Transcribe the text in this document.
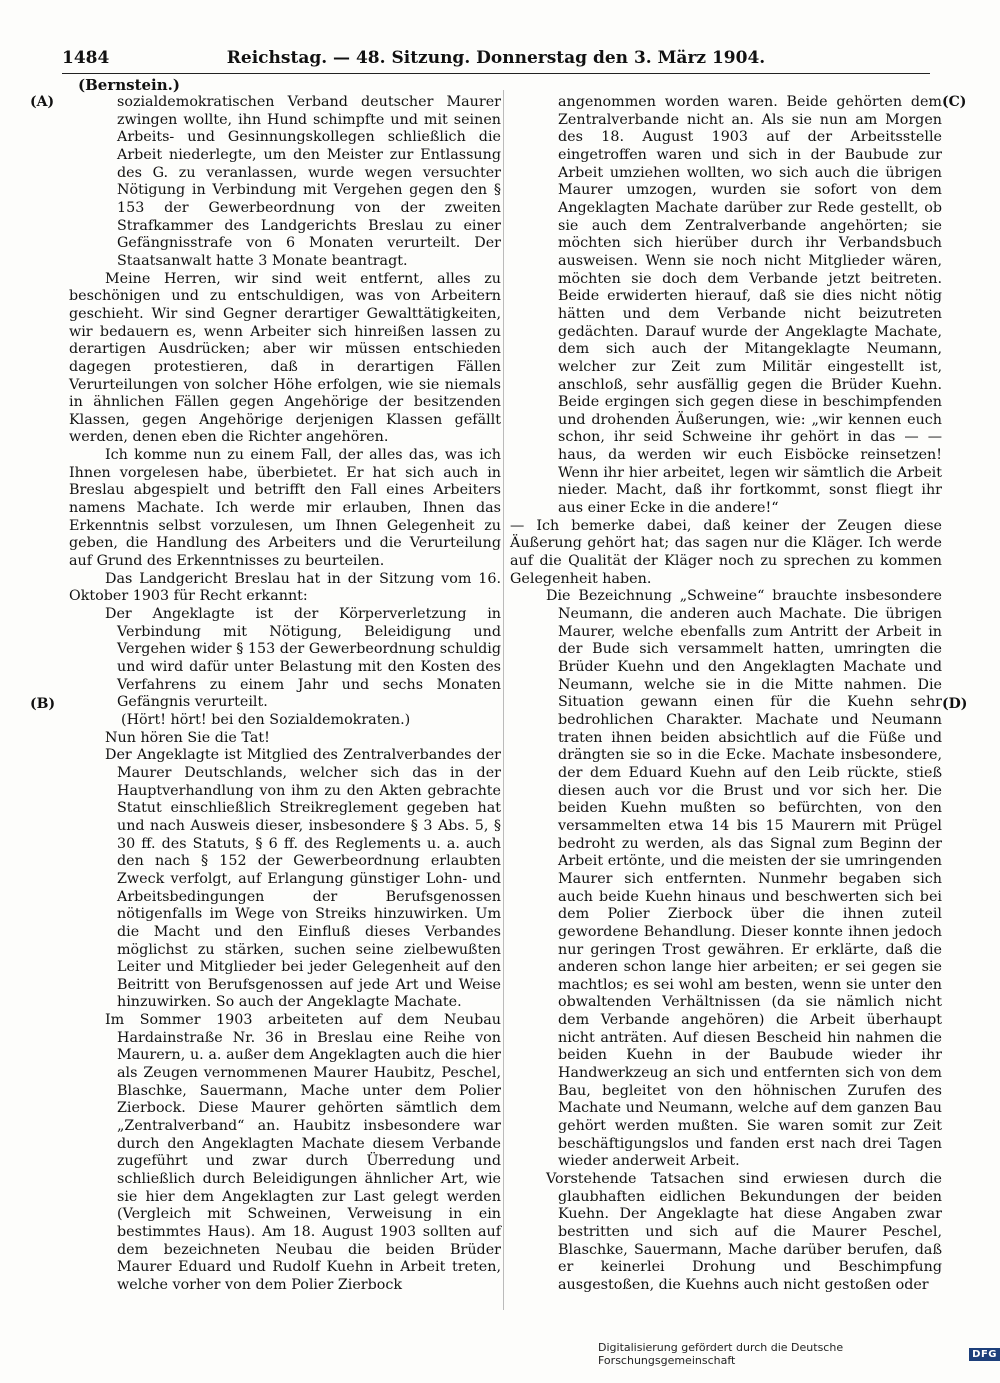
1484	Reichstag. — 48. Sitzung. Donnerstag den 3. März 1904.
(Bernstein.)
(A)
(B)
(C)
(D)

sozialdemokratischen Verband deutscher Maurer zwingen wollte, ihn Hund schimpfte und mit seinen Arbeits- und Gesinnungskollegen schließlich die Arbeit niederlegte, um den Meister zur Entlassung des G. zu veranlassen, wurde wegen versuchter Nötigung in Verbindung mit Vergehen gegen den § 153 der Gewerbeordnung von der zweiten Strafkammer des Landgerichts Breslau zu einer Gefängnisstrafe von 6 Monaten verurteilt. Der Staatsanwalt hatte 3 Monate beantragt.

Meine Herren, wir sind weit entfernt, alles zu beschönigen und zu entschuldigen, was von Arbeitern geschieht. Wir sind Gegner derartiger Gewalttätigkeiten, wir bedauern es, wenn Arbeiter sich hinreißen lassen zu derartigen Ausdrücken; aber wir müssen entschieden dagegen protestieren, daß in derartigen Fällen Verurteilungen von solcher Höhe erfolgen, wie sie niemals in ähnlichen Fällen gegen Angehörige der besitzenden Klassen, gegen Angehörige derjenigen Klassen gefällt werden, denen eben die Richter angehören.

Ich komme nun zu einem Fall, der alles das, was ich Ihnen vorgelesen habe, überbietet. Er hat sich auch in Breslau abgespielt und betrifft den Fall eines Arbeiters namens Machate. Ich werde mir erlauben, Ihnen das Erkenntnis selbst vorzulesen, um Ihnen Gelegenheit zu geben, die Handlung des Arbeiters und die Verurteilung auf Grund des Erkenntnisses zu beurteilen.

Das Landgericht Breslau hat in der Sitzung vom 16. Oktober 1903 für Recht erkannt:

Der Angeklagte ist der Körperverletzung in Verbindung mit Nötigung, Beleidigung und Vergehen wider § 153 der Gewerbeordnung schuldig und wird dafür unter Belastung mit den Kosten des Verfahrens zu einem Jahr und sechs Monaten Gefängnis verurteilt.

(Hört! hört! bei den Sozialdemokraten.)

Nun hören Sie die Tat!

Der Angeklagte ist Mitglied des Zentralverbandes der Maurer Deutschlands, welcher sich das in der Hauptverhandlung von ihm zu den Akten gebrachte Statut einschließlich Streikreglement gegeben hat und nach Ausweis dieser, insbesondere § 3 Abs. 5, § 30 ff. des Statuts, § 6 ff. des Reglements u. a. auch den nach § 152 der Gewerbeordnung erlaubten Zweck verfolgt, auf Erlangung günstiger Lohn- und Arbeitsbedingungen der Berufsgenossen nötigenfalls im Wege von Streiks hinzuwirken. Um die Macht und den Einfluß dieses Verbandes möglichst zu stärken, suchen seine zielbewußten Leiter und Mitglieder bei jeder Gelegenheit auf den Beitritt von Berufsgenossen auf jede Art und Weise hinzuwirken. So auch der Angeklagte Machate.

Im Sommer 1903 arbeiteten auf dem Neubau Hardainstraße Nr. 36 in Breslau eine Reihe von Maurern, u. a. außer dem Angeklagten auch die hier als Zeugen vernommenen Maurer Haubitz, Peschel, Blaschke, Sauermann, Mache unter dem Polier Zierbock. Diese Maurer gehörten sämtlich dem „Zentralverband“ an. Haubitz insbesondere war durch den Angeklagten Machate diesem Verbande zugeführt und zwar durch Überredung und schließlich durch Beleidigungen ähnlicher Art, wie sie hier dem Angeklagten zur Last gelegt werden (Vergleich mit Schweinen, Verweisung in ein bestimmtes Haus). Am 18. August 1903 sollten auf dem bezeichneten Neubau die beiden Brüder Maurer Eduard und Rudolf Kuehn in Arbeit treten, welche vorher von dem Polier Zierbock

angenommen worden waren. Beide gehörten dem Zentralverbande nicht an. Als sie nun am Morgen des 18. August 1903 auf der Arbeitsstelle eingetroffen waren und sich in der Baubude zur Arbeit umziehen wollten, wo sich auch die übrigen Maurer umzogen, wurden sie sofort von dem Angeklagten Machate darüber zur Rede gestellt, ob sie auch dem Zentralverbande angehörten; sie möchten sich hierüber durch ihr Verbandsbuch ausweisen. Wenn sie noch nicht Mitglieder wären, möchten sie doch dem Verbande jetzt beitreten. Beide erwiderten hierauf, daß sie dies nicht nötig hätten und dem Verbande nicht beizutreten gedächten. Darauf wurde der Angeklagte Machate, dem sich auch der Mitangeklagte Neumann, welcher zur Zeit zum Militär eingestellt ist, anschloß, sehr ausfällig gegen die Brüder Kuehn. Beide ergingen sich gegen diese in beschimpfenden und drohenden Äußerungen, wie: „wir kennen euch schon, ihr seid Schweine ihr gehört in das — — haus, da werden wir euch Eisböcke reinsetzen! Wenn ihr hier arbeitet, legen wir sämtlich die Arbeit nieder. Macht, daß ihr fortkommt, sonst fliegt ihr aus einer Ecke in die andere!“

— Ich bemerke dabei, daß keiner der Zeugen diese Äußerung gehört hat; das sagen nur die Kläger. Ich werde auf die Qualität der Kläger noch zu sprechen zu kommen Gelegenheit haben.

Die Bezeichnung „Schweine“ brauchte insbesondere Neumann, die anderen auch Machate. Die übrigen Maurer, welche ebenfalls zum Antritt der Arbeit in der Bude sich versammelt hatten, umringten die Brüder Kuehn und den Angeklagten Machate und Neumann, welche sie in die Mitte nahmen. Die Situation gewann einen für die Kuehn sehr bedrohlichen Charakter. Machate und Neumann traten ihnen beiden absichtlich auf die Füße und drängten sie so in die Ecke. Machate insbesondere, der dem Eduard Kuehn auf den Leib rückte, stieß diesen auch vor die Brust und vor sich her. Die beiden Kuehn mußten so befürchten, von den versammelten etwa 14 bis 15 Maurern mit Prügel bedroht zu werden, als das Signal zum Beginn der Arbeit ertönte, und die meisten der sie umringenden Maurer sich entfernten. Nunmehr begaben sich auch beide Kuehn hinaus und beschwerten sich bei dem Polier Zierbock über die ihnen zuteil gewordene Behandlung. Dieser konnte ihnen jedoch nur geringen Trost gewähren. Er erklärte, daß die anderen schon lange hier arbeiten; er sei gegen sie machtlos; es sei wohl am besten, wenn sie unter den obwaltenden Verhältnissen (da sie nämlich nicht dem Verbande angehören) die Arbeit überhaupt nicht anträten. Auf diesen Bescheid hin nahmen die beiden Kuehn in der Baubude wieder ihr Handwerkzeug an sich und entfernten sich von dem Bau, begleitet von den höhnischen Zurufen des Machate und Neumann, welche auf dem ganzen Bau gehört werden mußten. Sie waren somit zur Zeit beschäftigungslos und fanden erst nach drei Tagen wieder anderweit Arbeit.

Vorstehende Tatsachen sind erwiesen durch die glaubhaften eidlichen Bekundungen der beiden Kuehn. Der Angeklagte hat diese Angaben zwar bestritten und sich auf die Maurer Peschel, Blaschke, Sauermann, Mache darüber berufen, daß er keinerlei Drohung und Beschimpfung ausgestoßen, die Kuehns auch nicht gestoßen oder

Digitalisierung gefördert durch die Deutsche Forschungsgemeinschaft	DFG
